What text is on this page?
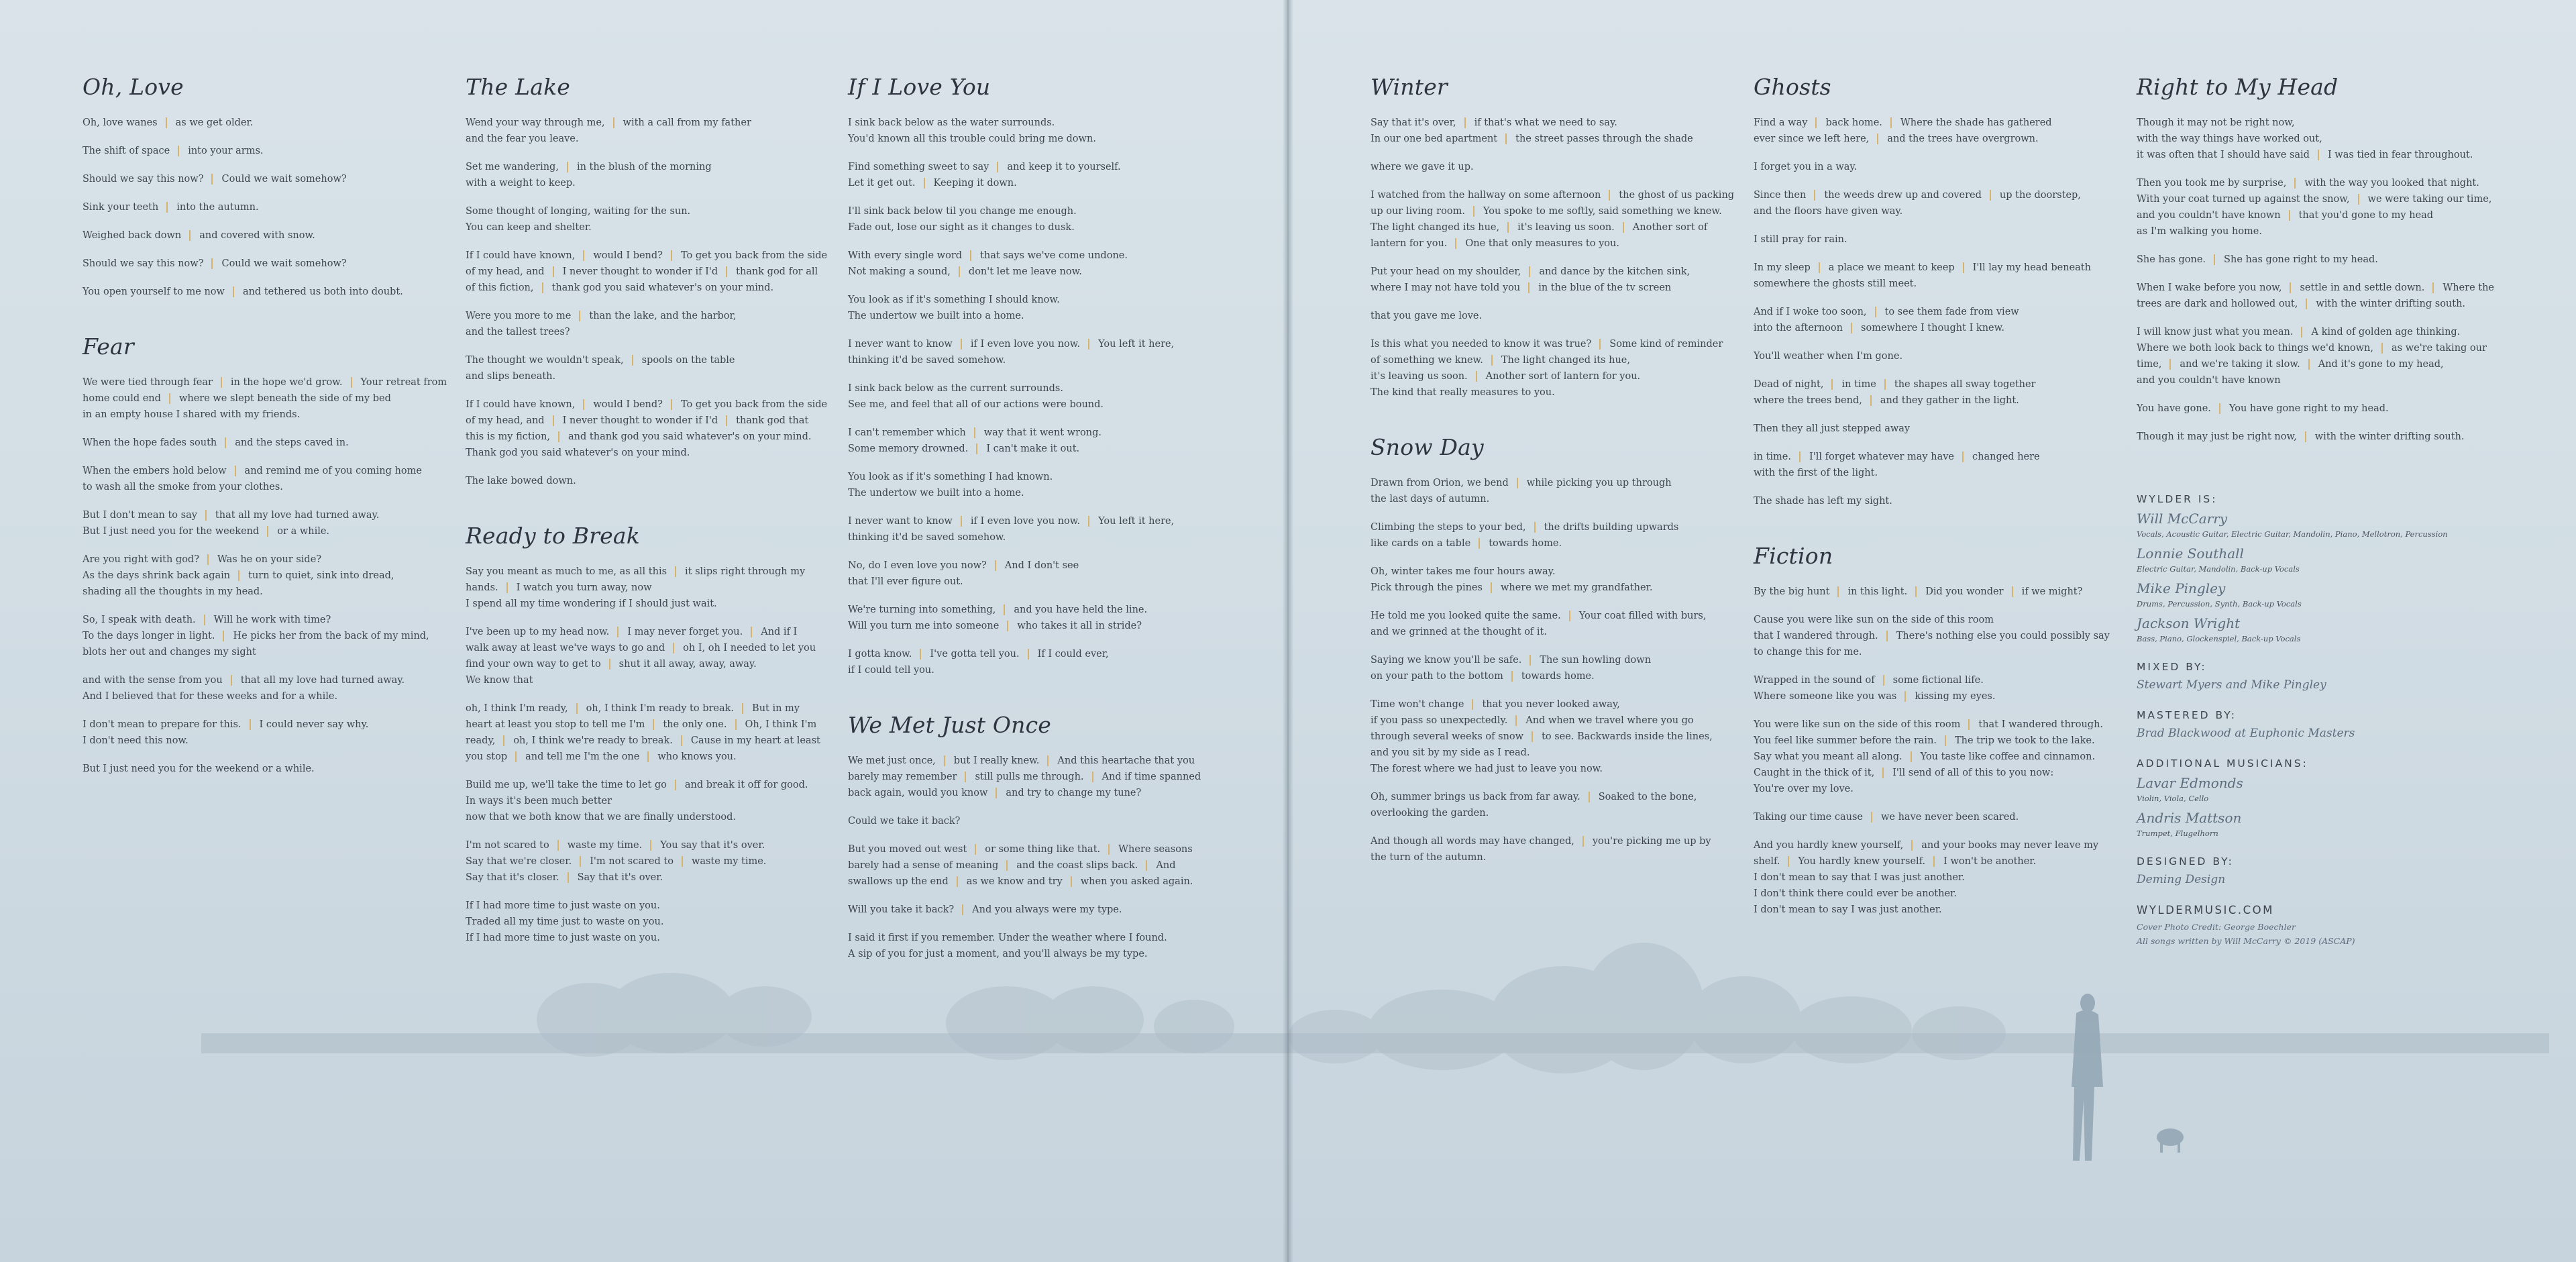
Oh, Love
Oh, love wanes as we get older.
The shift of space into your arms.
Should we say this now? Could we wait somehow?
Sink your teeth into the autumn.
Weighed back down and covered with snow.
Should we say this now? Could we wait somehow?
You open yourself to me now and tethered us both into doubt.
Fear
We were tied through fear in the hope we'd grow. Your retreat from
home could end where we slept beneath the side of my bed
in an empty house I shared with my friends.
When the hope fades south and the steps caved in.
When the embers hold below and remind me of you coming home
to wash all the smoke from your clothes.
But I don't mean to say that all my love had turned away.
But I just need you for the weekend or a while.
Are you right with god? Was he on your side?
As the days shrink back again turn to quiet, sink into dread,
shading all the thoughts in my head.
So, I speak with death. Will he work with time?
To the days longer in light. He picks her from the back of my mind,
blots her out and changes my sight
and with the sense from you that all my love had turned away.
And I believed that for these weeks and for a while.
I don't mean to prepare for this. I could never say why.
I don't need this now.
But I just need you for the weekend or a while.
The Lake
Wend your way through me, with a call from my father
and the fear you leave.
Set me wandering, in the blush of the morning
with a weight to keep.
Some thought of longing, waiting for the sun.
You can keep and shelter.
If I could have known, would I bend? To get you back from the side
of my head, and I never thought to wonder if I'd thank god for all
of this fiction, thank god you said whatever's on your mind.
Were you more to me than the lake, and the harbor,
and the tallest trees?
The thought we wouldn't speak, spools on the table
and slips beneath.
If I could have known, would I bend? To get you back from the side
of my head, and I never thought to wonder if I'd thank god that
this is my fiction, and thank god you said whatever's on your mind.
Thank god you said whatever's on your mind.
The lake bowed down.
Ready to Break
Say you meant as much to me, as all this it slips right through my
hands. I watch you turn away, now
I spend all my time wondering if I should just wait.
I've been up to my head now. I may never forget you. And if I
walk away at least we've ways to go and oh I, oh I needed to let you
find your own way to get to shut it all away, away, away.
We know that
oh, I think I'm ready, oh, I think I'm ready to break. But in my
heart at least you stop to tell me I'm the only one. Oh, I think I'm
ready, oh, I think we're ready to break. Cause in my heart at least
you stop and tell me I'm the one who knows you.
Build me up, we'll take the time to let go and break it off for good.
In ways it's been much better
now that we both know that we are finally understood.
I'm not scared to waste my time. You say that it's over.
Say that we're closer. I'm not scared to waste my time.
Say that it's closer. Say that it's over.
If I had more time to just waste on you.
Traded all my time just to waste on you.
If I had more time to just waste on you.
If I Love You
I sink back below as the water surrounds.
You'd known all this trouble could bring me down.
Find something sweet to say and keep it to yourself.
Let it get out. Keeping it down.
I'll sink back below til you change me enough.
Fade out, lose our sight as it changes to dusk.
With every single word that says we've come undone.
Not making a sound, don't let me leave now.
You look as if it's something I should know.
The undertow we built into a home.
I never want to know if I even love you now. You left it here,
thinking it'd be saved somehow.
I sink back below as the current surrounds.
See me, and feel that all of our actions were bound.
I can't remember which way that it went wrong.
Some memory drowned. I can't make it out.
You look as if it's something I had known.
The undertow we built into a home.
I never want to know if I even love you now. You left it here,
thinking it'd be saved somehow.
No, do I even love you now? And I don't see
that I'll ever figure out.
We're turning into something, and you have held the line.
Will you turn me into someone who takes it all in stride?
I gotta know. I've gotta tell you. If I could ever,
if I could tell you.
We Met Just Once
We met just once, but I really knew. And this heartache that you
barely may remember still pulls me through. And if time spanned
back again, would you know and try to change my tune?
Could we take it back?
But you moved out west or some thing like that. Where seasons
barely had a sense of meaning and the coast slips back. And
swallows up the end as we know and try when you asked again.
Will you take it back? And you always were my type.
I said it first if you remember. Under the weather where I found.
A sip of you for just a moment, and you'll always be my type.
Winter
Say that it's over, if that's what we need to say.
In our one bed apartment the street passes through the shade
where we gave it up.
I watched from the hallway on some afternoon the ghost of us packing
up our living room. You spoke to me softly, said something we knew.
The light changed its hue, it's leaving us soon. Another sort of
lantern for you. One that only measures to you.
Put your head on my shoulder, and dance by the kitchen sink,
where I may not have told you in the blue of the tv screen
that you gave me love.
Is this what you needed to know it was true? Some kind of reminder
of something we knew. The light changed its hue,
it's leaving us soon. Another sort of lantern for you.
The kind that really measures to you.
Snow Day
Drawn from Orion, we bend while picking you up through
the last days of autumn.
Climbing the steps to your bed, the drifts building upwards
like cards on a table towards home.
Oh, winter takes me four hours away.
Pick through the pines where we met my grandfather.
He told me you looked quite the same. Your coat filled with burs,
and we grinned at the thought of it.
Saying we know you'll be safe. The sun howling down
on your path to the bottom towards home.
Time won't change that you never looked away,
if you pass so unexpectedly. And when we travel where you go
through several weeks of snow to see. Backwards inside the lines,
and you sit by my side as I read.
The forest where we had just to leave you now.
Oh, summer brings us back from far away. Soaked to the bone,
overlooking the garden.
And though all words may have changed, you're picking me up by
the turn of the autumn.
Ghosts
Find a way back home. Where the shade has gathered
ever since we left here, and the trees have overgrown.
I forget you in a way.
Since then the weeds drew up and covered up the doorstep,
and the floors have given way.
I still pray for rain.
In my sleep a place we meant to keep I'll lay my head beneath
somewhere the ghosts still meet.
And if I woke too soon, to see them fade from view
into the afternoon somewhere I thought I knew.
You'll weather when I'm gone.
Dead of night, in time the shapes all sway together
where the trees bend, and they gather in the light.
Then they all just stepped away
in time. I'll forget whatever may have changed here
with the first of the light.
The shade has left my sight.
Fiction
By the big hunt in this light. Did you wonder if we might?
Cause you were like sun on the side of this room
that I wandered through. There's nothing else you could possibly say
to change this for me.
Wrapped in the sound of some fictional life.
Where someone like you was kissing my eyes.
You were like sun on the side of this room that I wandered through.
You feel like summer before the rain. The trip we took to the lake.
Say what you meant all along. You taste like coffee and cinnamon.
Caught in the thick of it, I'll send of all of this to you now:
You're over my love.
Taking our time cause we have never been scared.
And you hardly knew yourself, and your books may never leave my
shelf. You hardly knew yourself. I won't be another.
I don't mean to say that I was just another.
I don't think there could ever be another.
I don't mean to say I was just another.
Right to My Head
Though it may not be right now,
with the way things have worked out,
it was often that I should have said I was tied in fear throughout.
Then you took me by surprise, with the way you looked that night.
With your coat turned up against the snow, we were taking our time,
and you couldn't have known that you'd gone to my head
as I'm walking you home.
She has gone. She has gone right to my head.
When I wake before you now, settle in and settle down. Where the
trees are dark and hollowed out, with the winter drifting south.
I will know just what you mean. A kind of golden age thinking.
Where we both look back to things we'd known, as we're taking our
time, and we're taking it slow. And it's gone to my head,
and you couldn't have known
You have gone. You have gone right to my head.
Though it may just be right now, with the winter drifting south.
WYLDER IS:
Will McCarry
Vocals, Acoustic Guitar, Electric Guitar, Mandolin, Piano, Mellotron, Percussion
Lonnie Southall
Electric Guitar, Mandolin, Back-up Vocals
Mike Pingley
Drums, Percussion, Synth, Back-up Vocals
Jackson Wright
Bass, Piano, Glockenspiel, Back-up Vocals
MIXED BY:
Stewart Myers and Mike Pingley
MASTERED BY:
Brad Blackwood at Euphonic Masters
ADDITIONAL MUSICIANS:
Lavar Edmonds
Violin, Viola, Cello
Andris Mattson
Trumpet, Flugelhorn
DESIGNED BY:
Deming Design
WYLDERMUSIC.COM
Cover Photo Credit: George Boechler
All songs written by Will McCarry © 2019 (ASCAP)
